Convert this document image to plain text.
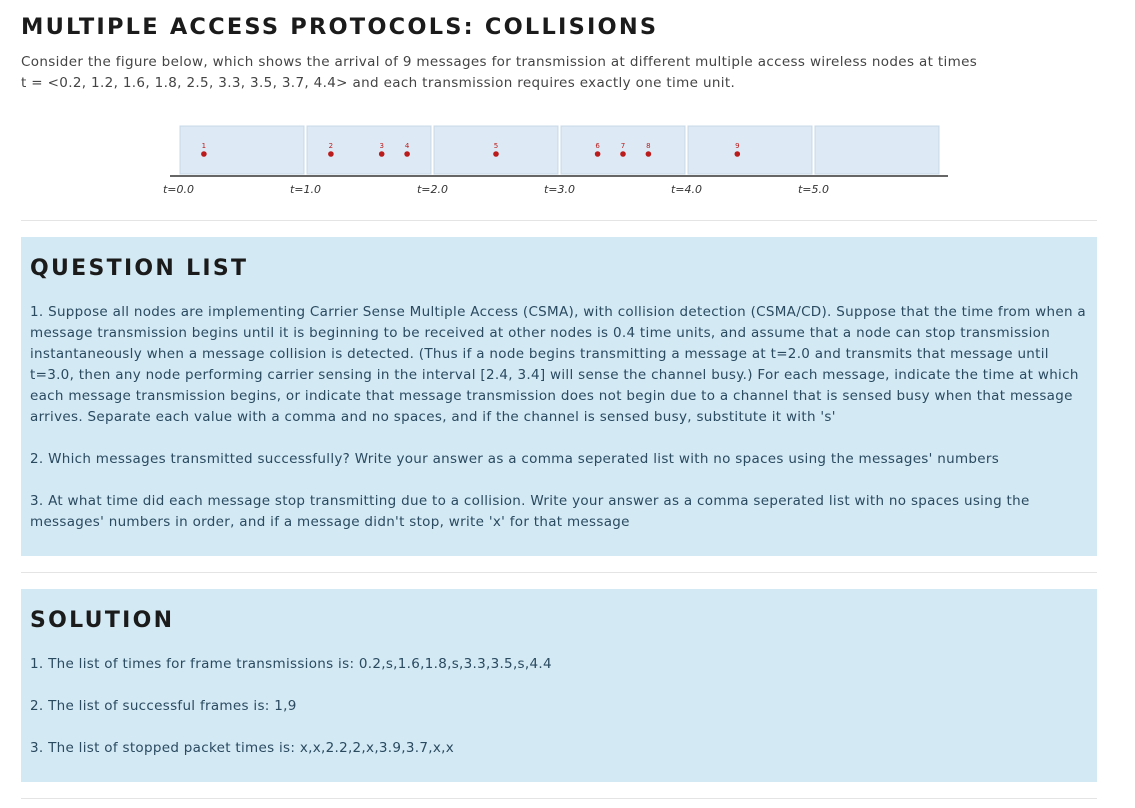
MULTIPLE ACCESS PROTOCOLS: COLLISIONS

Consider the figure below, which shows the arrival of 9 messages for transmission at different multiple access wireless nodes at times
t = <0.2, 1.2, 1.6, 1.8, 2.5, 3.3, 3.5, 3.7, 4.4> and each transmission requires exactly one time unit.

t=0.0	t=1.0	t=2.0	t=3.0	t=4.0	t=5.0
1	2	3	4	5	6	7	8	9
QUESTION LIST

1. Suppose all nodes are implementing Carrier Sense Multiple Access (CSMA), with collision detection (CSMA/CD). Suppose that the time from when a message transmission begins until it is beginning to be received at other nodes is 0.4 time units, and assume that a node can stop transmission instantaneously when a message collision is detected. (Thus if a node begins transmitting a message at t=2.0 and transmits that message until t=3.0, then any node performing carrier sensing in the interval [2.4, 3.4] will sense the channel busy.) For each message, indicate the time at which each message transmission begins, or indicate that message transmission does not begin due to a channel that is sensed busy when that message arrives. Separate each value with a comma and no spaces, and if the channel is sensed busy, substitute it with 's'

2. Which messages transmitted successfully? Write your answer as a comma seperated list with no spaces using the messages' numbers

3. At what time did each message stop transmitting due to a collision. Write your answer as a comma seperated list with no spaces using the messages' numbers in order, and if a message didn't stop, write 'x' for that message

SOLUTION

1. The list of times for frame transmissions is: 0.2,s,1.6,1.8,s,3.3,3.5,s,4.4

2. The list of successful frames is: 1,9

3. The list of stopped packet times is: x,x,2.2,2,x,3.9,3.7,x,x
